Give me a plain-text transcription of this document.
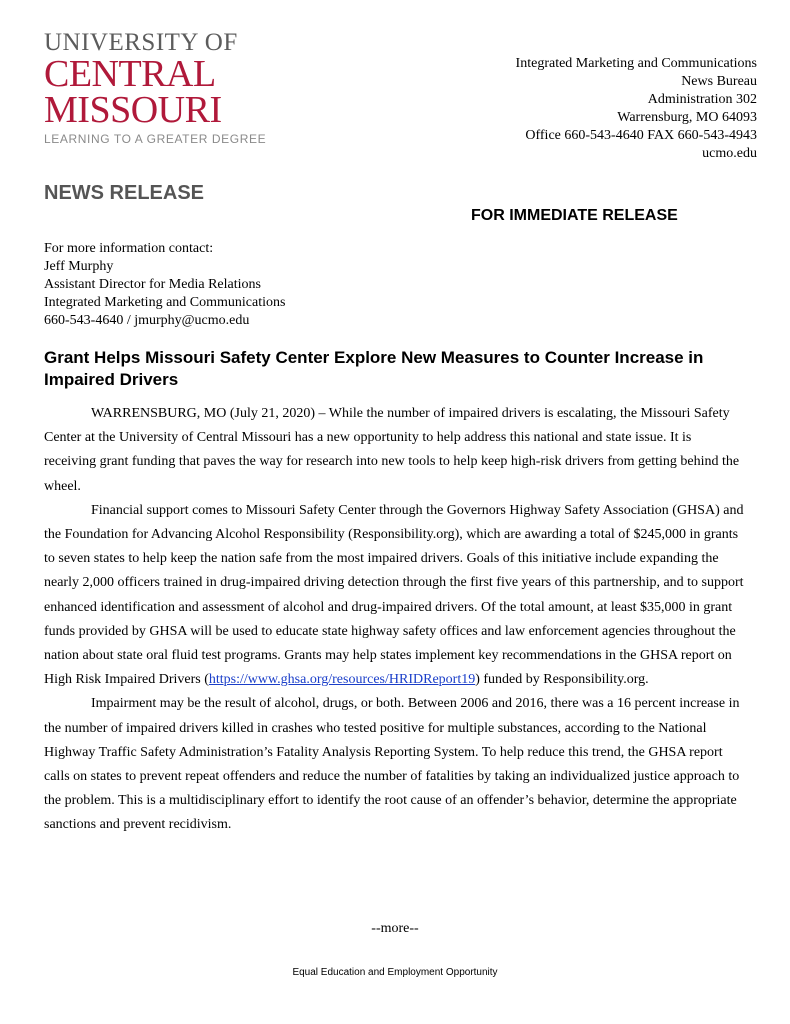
UNIVERSITY OF
CENTRAL
MISSOURI
LEARNING TO A GREATER DEGREE
Integrated Marketing and Communications
News Bureau
Administration 302
Warrensburg, MO 64093
Office 660-543-4640 FAX 660-543-4943
ucmo.edu
NEWS RELEASE
FOR IMMEDIATE RELEASE
For more information contact:
Jeff Murphy
Assistant Director for Media Relations
Integrated Marketing and Communications
660-543-4640 / jmurphy@ucmo.edu
Grant Helps Missouri Safety Center Explore New Measures to Counter Increase in Impaired Drivers

WARRENSBURG, MO (July 21, 2020) – While the number of impaired drivers is escalating, the Missouri Safety Center at the University of Central Missouri has a new opportunity to help address this national and state issue. It is receiving grant funding that paves the way for research into new tools to help keep high-risk drivers from getting behind the wheel.

Financial support comes to Missouri Safety Center through the Governors Highway Safety Association (GHSA) and the Foundation for Advancing Alcohol Responsibility (Responsibility.org), which are awarding a total of $245,000 in grants to seven states to help keep the nation safe from the most impaired drivers. Goals of this initiative include expanding the nearly 2,000 officers trained in drug-impaired driving detection through the first five years of this partnership, and to support enhanced identification and assessment of alcohol and drug-impaired drivers. Of the total amount, at least $35,000 in grant funds provided by GHSA will be used to educate state highway safety offices and law enforcement agencies throughout the nation about state oral fluid test programs. Grants may help states implement key recommendations in the GHSA report on High Risk Impaired Drivers (https://www.ghsa.org/resources/HRIDReport19) funded by Responsibility.org.

Impairment may be the result of alcohol, drugs, or both. Between 2006 and 2016, there was a 16 percent increase in the number of impaired drivers killed in crashes who tested positive for multiple substances, according to the National Highway Traffic Safety Administration’s Fatality Analysis Reporting System. To help reduce this trend, the GHSA report calls on states to prevent repeat offenders and reduce the number of fatalities by taking an individualized justice approach to the problem. This is a multidisciplinary effort to identify the root cause of an offender’s behavior, determine the appropriate sanctions and prevent recidivism.

--more--
Equal Education and Employment Opportunity
